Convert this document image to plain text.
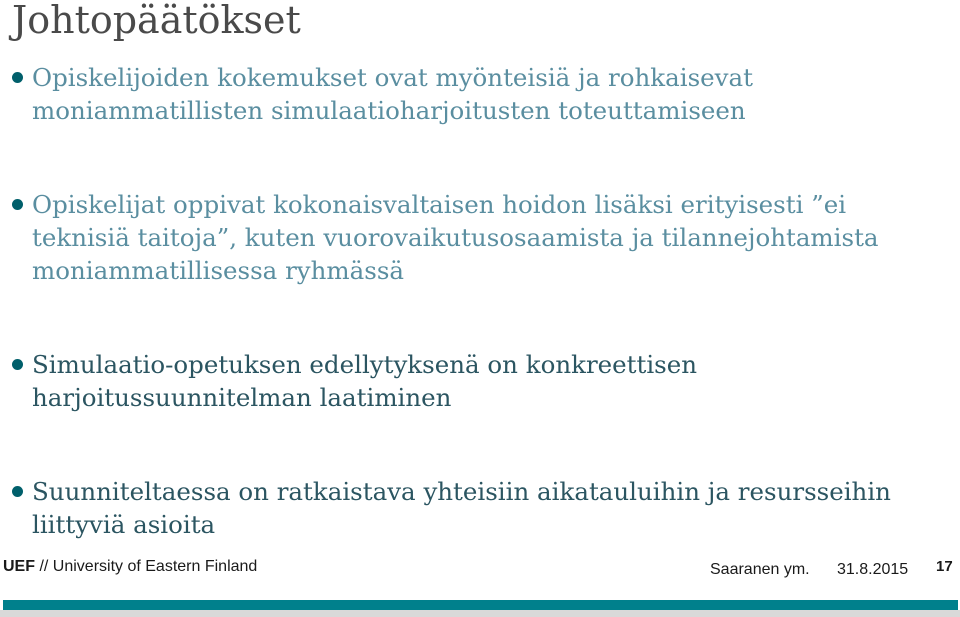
Johtopäätökset
Opiskelijoiden kokemukset ovat myönteisiä ja rohkaisevat
moniammatillisten simulaatioharjoitusten toteuttamiseen
Opiskelijat oppivat kokonaisvaltaisen hoidon lisäksi erityisesti ”ei
teknisiä taitoja”, kuten vuorovaikutusosaamista ja tilannejohtamista
moniammatillisessa ryhmässä
Simulaatio-opetuksen edellytyksenä on konkreettisen
harjoitussuunnitelman laatiminen
Suunniteltaessa on ratkaistava yhteisiin aikatauluihin ja resursseihin
liittyviä asioita
UEF // University of Eastern Finland	Saaranen ym. 31.8.2015 17
